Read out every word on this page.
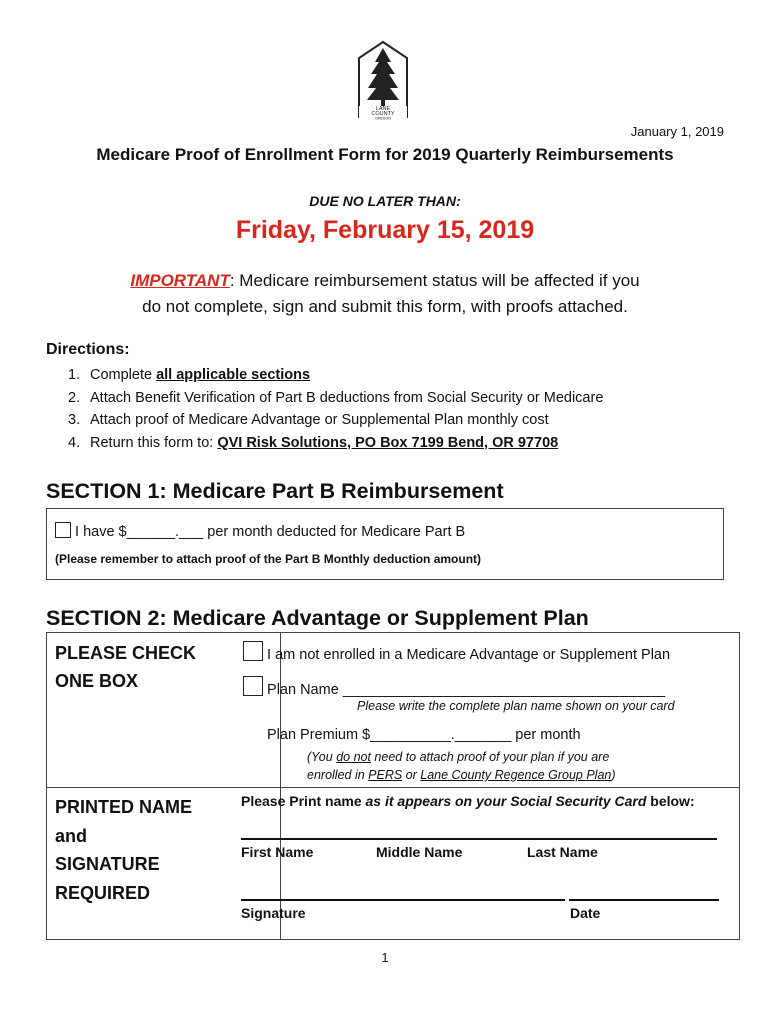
LANE
COUNTY
OREGON
January 1, 2019
Medicare Proof of Enrollment Form for 2019 Quarterly Reimbursements
DUE NO LATER THAN:
Friday, February 15, 2019
IMPORTANT: Medicare reimbursement status will be affected if you
do not complete, sign and submit this form, with proofs attached.
Directions:
1. Complete all applicable sections
2. Attach Benefit Verification of Part B deductions from Social Security or Medicare
3. Attach proof of Medicare Advantage or Supplemental Plan monthly cost
4. Return this form to: QVI Risk Solutions, PO Box 7199 Bend, OR 97708
SECTION 1: Medicare Part B Reimbursement
I have $______.___ per month deducted for Medicare Part B
(Please remember to attach proof of the Part B Monthly deduction amount)
SECTION 2: Medicare Advantage or Supplement Plan
PLEASE CHECK
ONE BOX
I am not enrolled in a Medicare Advantage or Supplement Plan
Plan Name ________________________________________
Please write the complete plan name shown on your card
Plan Premium $__________._______ per month
(You do not need to attach proof of your plan if you are
enrolled in PERS or Lane County Regence Group Plan)
PRINTED NAME
and
SIGNATURE
REQUIRED
Please Print name as it appears on your Social Security Card below:
First Name	Middle Name	Last Name
Signature	Date
1
